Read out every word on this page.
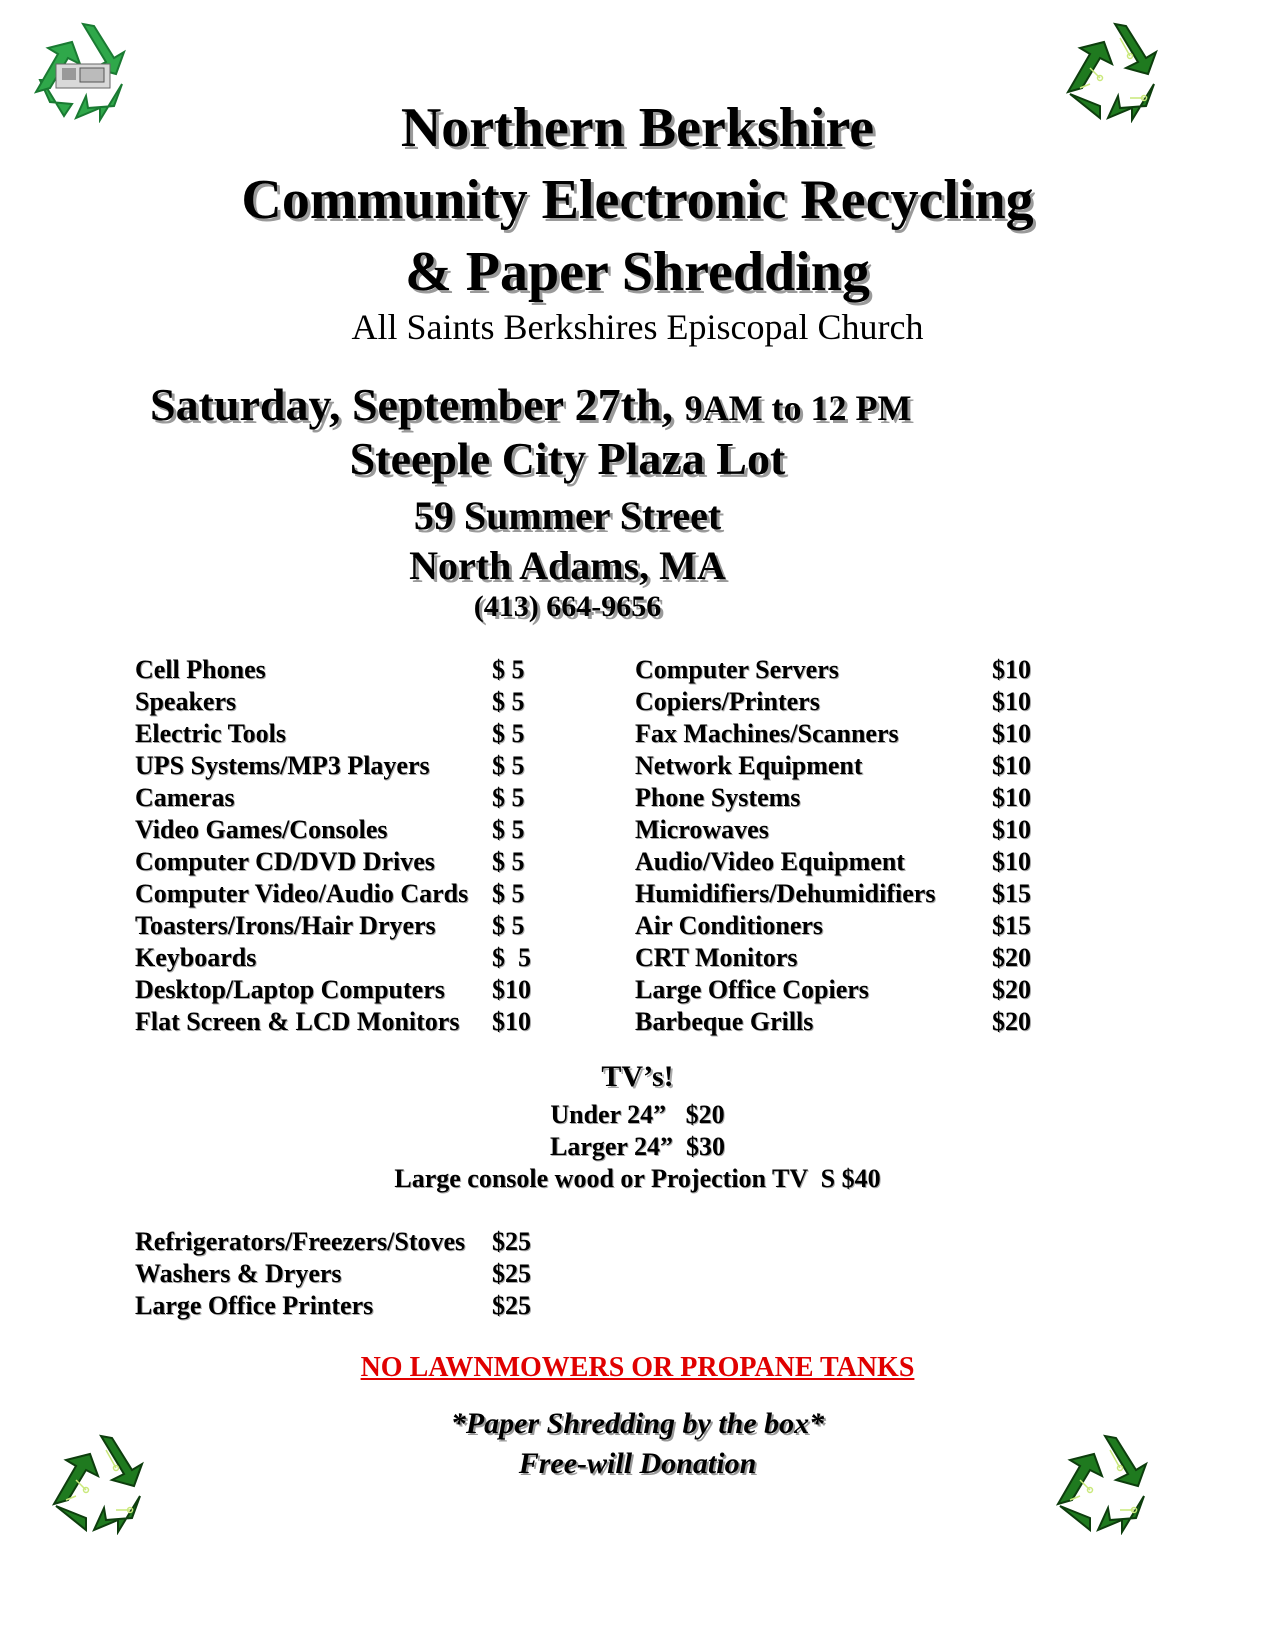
Northern Berkshire
Community Electronic Recycling
& Paper Shredding
All Saints Berkshires Episcopal Church
Saturday, September 27th, 9AM to 12 PM
Steeple City Plaza Lot
59 Summer Street
North Adams, MA
(413) 664-9656
Cell Phones	$ 5
Speakers	$ 5
Electric Tools	$ 5
UPS Systems/MP3 Players $ 5
Cameras	$ 5
Video Games/Consoles	$ 5
Computer CD/DVD Drives $ 5
Computer Video/Audio Cards $ 5
Toasters/Irons/Hair Dryers $ 5
Keyboards	$  5
Desktop/Laptop Computers $10
Flat Screen & LCD Monitors $10
Computer Servers	$10
Copiers/Printers	$10
Fax Machines/Scanners	$10
Network Equipment	$10
Phone Systems	$10
Microwaves	$10
Audio/Video Equipment	$10
Humidifiers/Dehumidifiers $15
Air Conditioners	$15
CRT Monitors	$20
Large Office Copiers	$20
Barbeque Grills	$20
TV’s!
Under 24”   $20
Larger 24”  $30
Large console wood or Projection TV  S $40
Refrigerators/Freezers/Stoves $25
Washers & Dryers	$25
Large Office Printers	$25
NO LAWNMOWERS OR PROPANE TANKS
*Paper Shredding by the box*
Free-will Donation
